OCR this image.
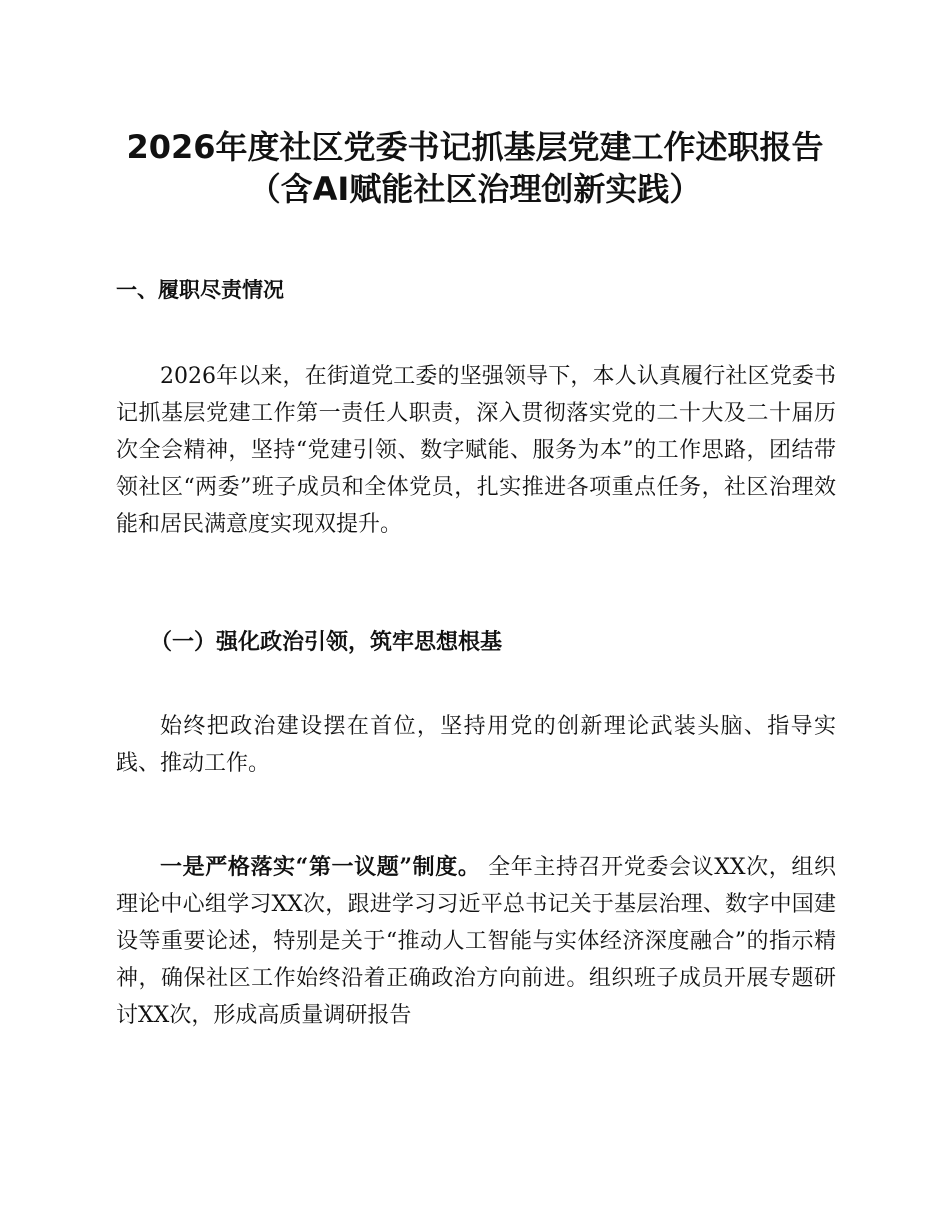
2026年度社区党委书记抓基层党建工作述职报告（含AI赋能社区治理创新实践）
一、履职尽责情况

2026年以来，在街道党工委的坚强领导下，本人认真履行社区党委书记抓基层党建工作第一责任人职责，深入贯彻落实党的二十大及二十届历次全会精神，坚持“党建引领、数字赋能、服务为本”的工作思路，团结带领社区“两委”班子成员和全体党员，扎实推进各项重点任务，社区治理效能和居民满意度实现双提升。

（一）强化政治引领，筑牢思想根基

始终把政治建设摆在首位，坚持用党的创新理论武装头脑、指导实践、推动工作。

一是严格落实“第一议题”制度。 全年主持召开党委会议XX次，组织理论中心组学习XX次，跟进学习习近平总书记关于基层治理、数字中国建设等重要论述，特别是关于“推动人工智能与实体经济深度融合”的指示精神，确保社区工作始终沿着正确政治方向前进。组织班子成员开展专题研讨XX次，形成高质量调研报告
